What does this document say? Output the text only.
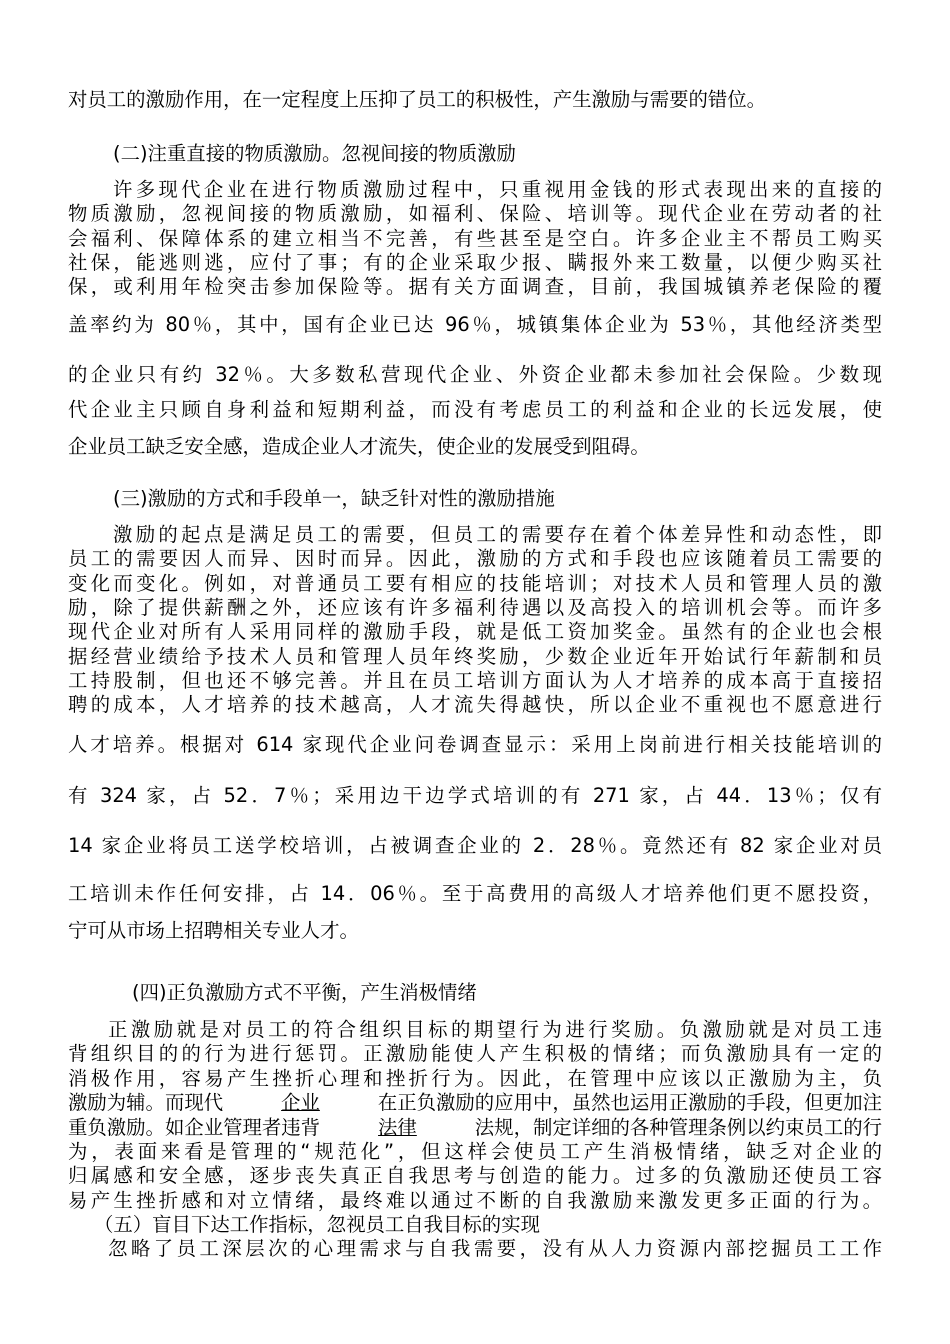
对员工的激励作用，在一定程度上压抑了员工的积极性，产生激励与需要的错位。
(二)注重直接的物质激励。忽视间接的物质激励
许多现代企业在进行物质激励过程中，只重视用金钱的形式表现出来的直接的
物质激励，忽视间接的物质激励，如福利、保险、培训等。现代企业在劳动者的社
会福利、保障体系的建立相当不完善，有些甚至是空白。许多企业主不帮员工购买
社保，能逃则逃，应付了事；有的企业采取少报、瞒报外来工数量，以便少购买社
保，或利用年检突击参加保险等。据有关方面调查，目前，我国城镇养老保险的覆
盖率约为 80％，其中，国有企业已达 96％，城镇集体企业为 53％，其他经济类型
的企业只有约 32％。大多数私营现代企业、外资企业都未参加社会保险。少数现
代企业主只顾自身利益和短期利益，而没有考虑员工的利益和企业的长远发展，使
企业员工缺乏安全感，造成企业人才流失，使企业的发展受到阻碍。
(三)激励的方式和手段单一，缺乏针对性的激励措施
激励的起点是满足员工的需要，但员工的需要存在着个体差异性和动态性，即
员工的需要因人而异、因时而异。因此，激励的方式和手段也应该随着员工需要的
变化而变化。例如，对普通员工要有相应的技能培训；对技术人员和管理人员的激
励，除了提供薪酬之外，还应该有许多福利待遇以及高投入的培训机会等。而许多
现代企业对所有人采用同样的激励手段，就是低工资加奖金。虽然有的企业也会根
据经营业绩给予技术人员和管理人员年终奖励，少数企业近年开始试行年薪制和员
工持股制，但也还不够完善。并且在员工培训方面认为人才培养的成本高于直接招
聘的成本，人才培养的技术越高，人才流失得越快，所以企业不重视也不愿意进行
人才培养。根据对 614 家现代企业问卷调查显示：采用上岗前进行相关技能培训的
有 324 家，占 52．7％；采用边干边学式培训的有 271 家，占 44．13％；仅有
14 家企业将员工送学校培训，占被调查企业的 2．28％。竟然还有 82 家企业对员
工培训未作任何安排，占 14．06％。至于高费用的高级人才培养他们更不愿投资，
宁可从市场上招聘相关专业人才。
(四)正负激励方式不平衡，产生消极情绪
正激励就是对员工的符合组织目标的期望行为进行奖励。负激励就是对员工违
背组织目的的行为进行惩罚。正激励能使人产生积极的情绪；而负激励具有一定的
消极作用，容易产生挫折心理和挫折行为。因此，在管理中应该以正激励为主，负
激励为辅。而现代	企业	在正负激励的应用中，虽然也运用正激励的手段，但更加注
重负激励。如企业管理者违背	法律	法规，制定详细的各种管理条例以约束员工的行
为，表面来看是管理的“规范化”，但这样会使员工产生消极情绪，缺乏对企业的
归属感和安全感，逐步丧失真正自我思考与创造的能力。过多的负激励还使员工容
易产生挫折感和对立情绪，最终难以通过不断的自我激励来激发更多正面的行为。
（五）盲目下达工作指标，忽视员工自我目标的实现
忽略了员工深层次的心理需求与自我需要，没有从人力资源内部挖掘员工工作
